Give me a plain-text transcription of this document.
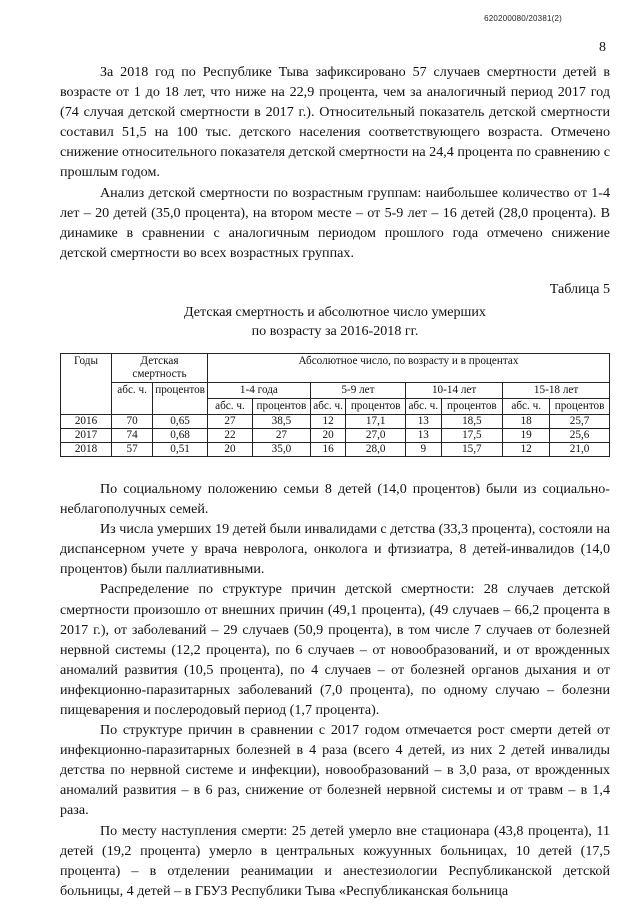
620200080/20381(2)
8

За 2018 год по Республике Тыва зафиксировано 57 случаев смертности детей в возрасте от 1 до 18 лет, что ниже на 22,9 процента, чем за аналогичный период 2017 год (74 случая детской смертности в 2017 г.). Относительный показатель детской смертности составил 51,5 на 100 тыс. детского населения соответствующего возраста. Отмечено снижение относительного показателя детской смертности на 24,4 процента по сравнению с прошлым годом.

Анализ детской смертности по возрастным группам: наибольшее количество от 1-4 лет – 20 детей (35,0 процента), на втором месте – от 5-9 лет – 16 детей (28,0 процента). В динамике в сравнении с аналогичным периодом прошлого года отмечено снижение детской смертности во всех возрастных группах.

Таблица 5
Детская смертность и абсолютное число умерших
по возрасту за 2016-2018 гг.
Годы	Детская смертность		Абсолютное число, по возрасту и в процентах							
	абс. ч.	процентов	1-4 года		5-9 лет		10-14 лет		15-18 лет	
			абс. ч.	процентов	абс. ч.	процентов	абс. ч.	процентов	абс. ч.	процентов
2016	70	0,65	27	38,5	12	17,1	13	18,5	18	25,7
2017	74	0,68	22	27	20	27,0	13	17,5	19	25,6
2018	57	0,51	20	35,0	16	28,0	9	15,7	12	21,0

По социальному положению семьи 8 детей (14,0 процентов) были из социально-неблагополучных семей.

Из числа умерших 19 детей были инвалидами с детства (33,3 процента), состояли на диспансерном учете у врача невролога, онколога и фтизиатра, 8 детей-инвалидов (14,0 процентов) были паллиативными.

Распределение по структуре причин детской смертности: 28 случаев детской смертности произошло от внешних причин (49,1 процента), (49 случаев – 66,2 процента в 2017 г.), от заболеваний – 29 случаев (50,9 процента), в том числе 7 случаев от болезней нервной системы (12,2 процента), по 6 случаев – от новообразований, и от врожденных аномалий развития (10,5 процента), по 4 случаев – от болезней органов дыхания и от инфекционно-паразитарных заболеваний (7,0 процента), по одному случаю – болезни пищеварения и послеродовый период (1,7 процента).

По структуре причин в сравнении с 2017 годом отмечается рост смерти детей от инфекционно-паразитарных болезней в 4 раза (всего 4 детей, из них 2 детей инвалиды детства по нервной системе и инфекции), новообразований – в 3,0 раза, от врожденных аномалий развития – в 6 раз, снижение от болезней нервной системы и от травм – в 1,4 раза.

По месту наступления смерти: 25 детей умерло вне стационара (43,8 процента), 11 детей (19,2 процента) умерло в центральных кожуунных больницах, 10 детей (17,5 процента) – в отделении реанимации и анестезиологии Республиканской детской больницы, 4 детей – в ГБУЗ Республики Тыва «Республиканская больница
